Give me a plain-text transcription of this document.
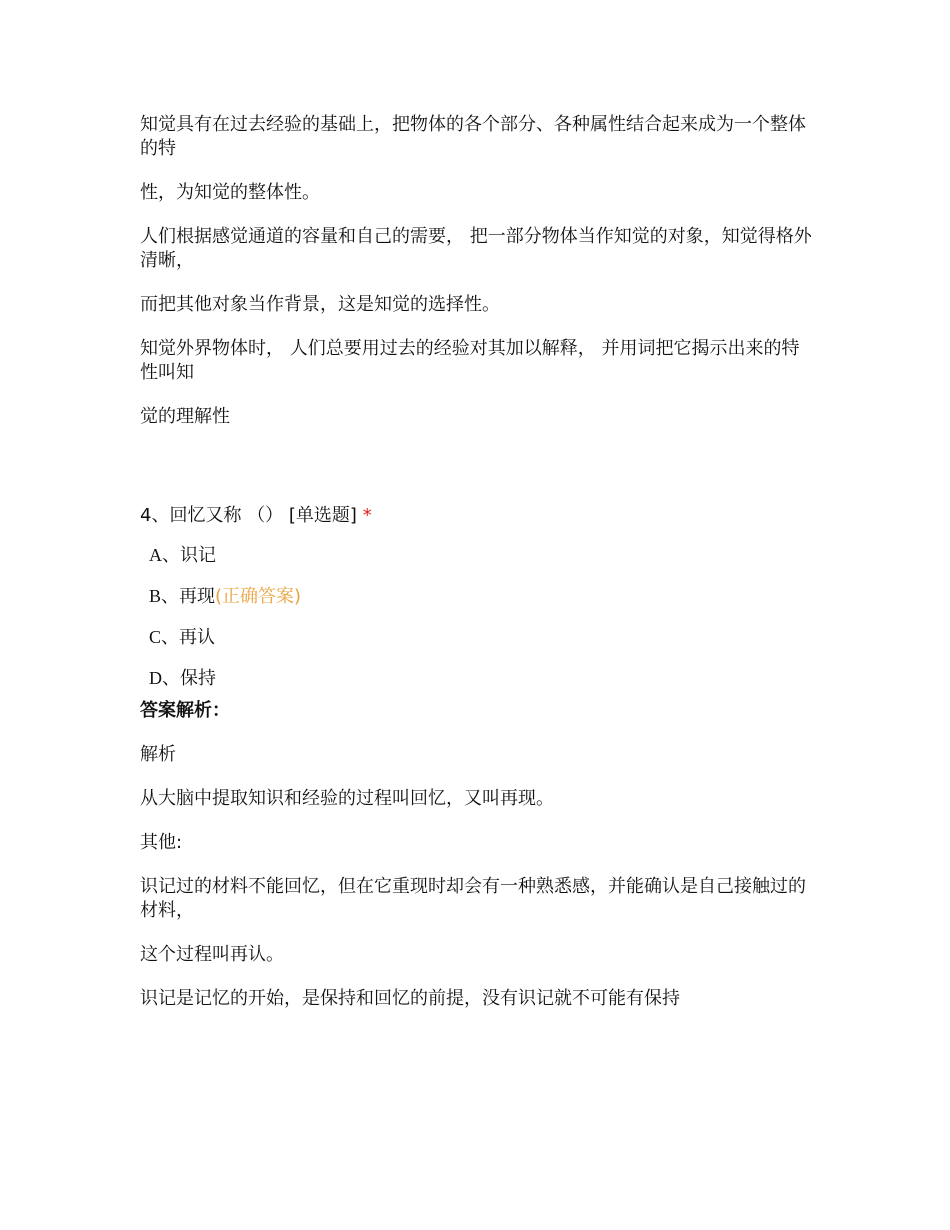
知觉具有在过去经验的基础上，把物体的各个部分、各种属性结合起来成为一个整体的特

性，为知觉的整体性。

人们根据感觉通道的容量和自己的需要， 把一部分物体当作知觉的对象，知觉得格外清晰，

而把其他对象当作背景，这是知觉的选择性。

知觉外界物体时， 人们总要用过去的经验对其加以解释， 并用词把它揭示出来的特性叫知

觉的理解性

4、回忆又称 （） [单选题] *
A、识记
B、再现(正确答案)
C、再认
D、保持
答案解析：

解析

从大脑中提取知识和经验的过程叫回忆，又叫再现。

其他:

识记过的材料不能回忆，但在它重现时却会有一种熟悉感，并能确认是自己接触过的材料，

这个过程叫再认。

识记是记忆的开始，是保持和回忆的前提，没有识记就不可能有保持
